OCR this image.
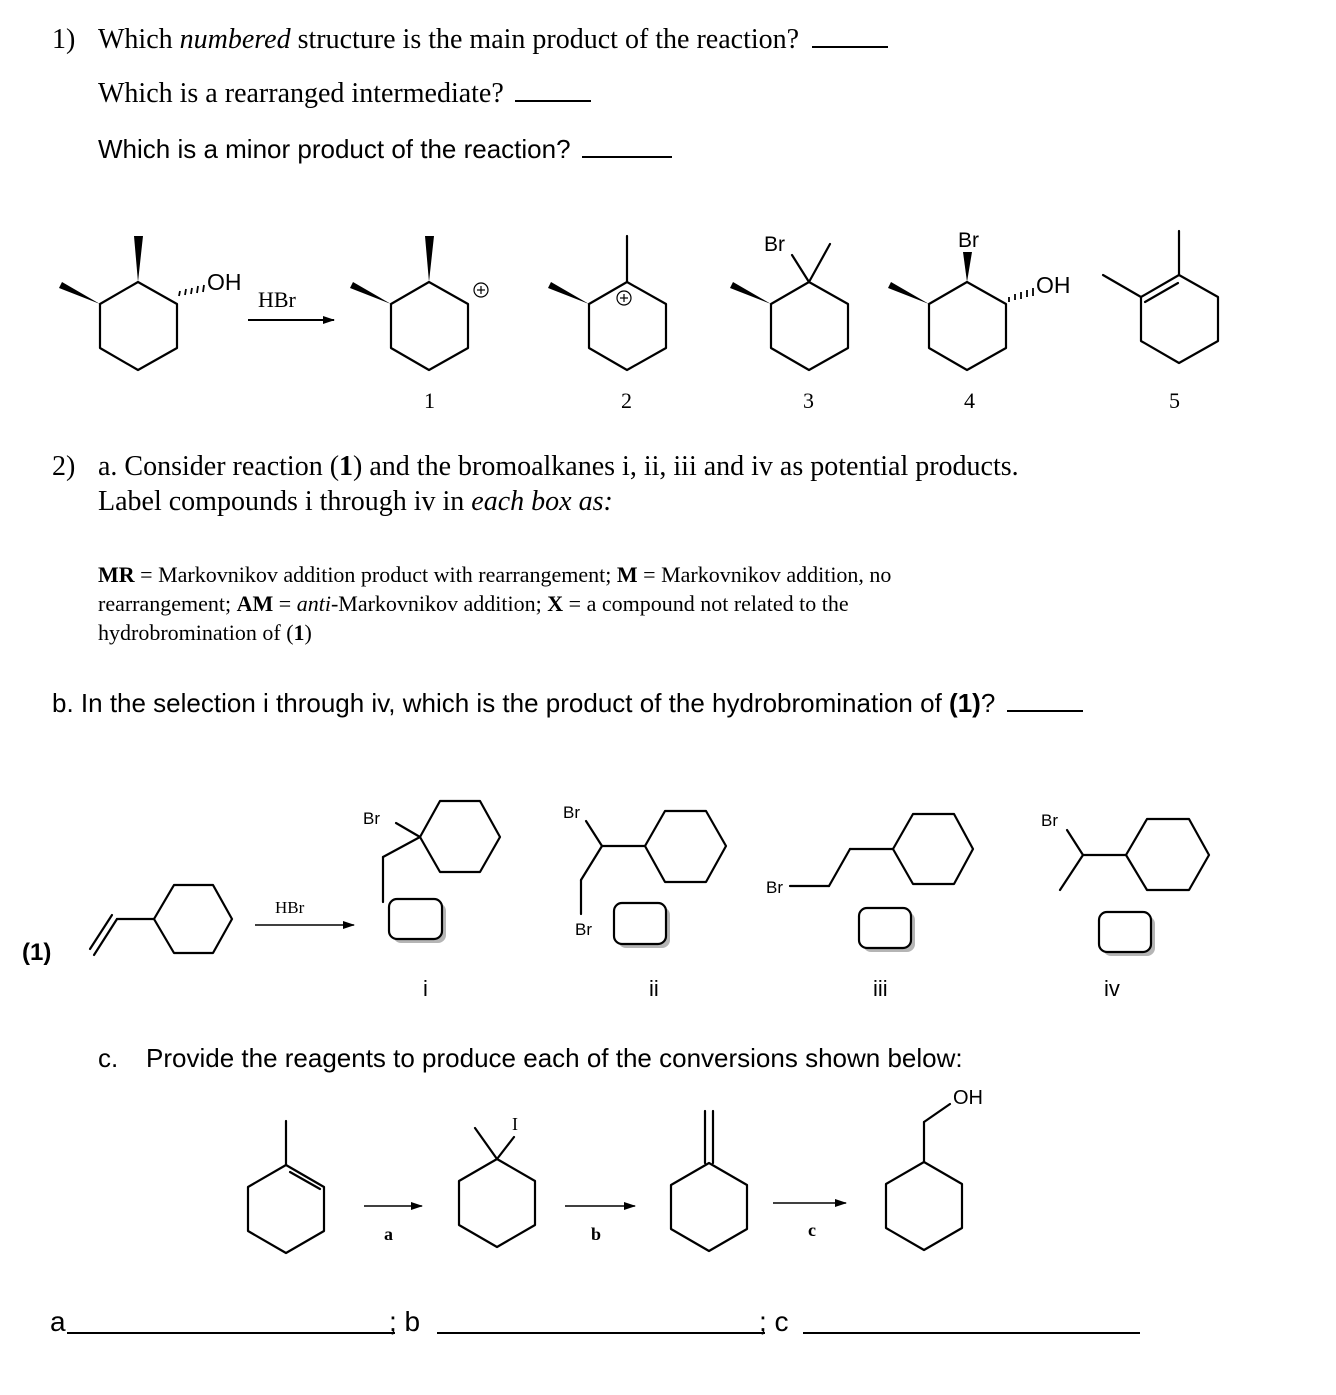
1) Which numbered structure is the main product of the reaction?
Which is a rearranged intermediate?
Which is a minor product of the reaction?
OH
HBr
1	2
Br
3
Br
OH
4	5
2) a. Consider reaction (1) and the bromoalkanes i, ii, iii and iv as potential products.
Label compounds i through iv in each box as:
MR = Markovnikov addition product with rearrangement; M = Markovnikov addition, no
rearrangement; AM = anti-Markovnikov addition; X = a compound not related to the
hydrobromination of (1)
b. In the selection i through iv, which is the product of the hydrobromination of (1)?
(1)
HBr
Br
i
Br
Br
ii
Br
iii
Br
iv
c. Provide the reagents to produce each of the conversions shown below:
a
I
b	c
OH
a	; b	; c
